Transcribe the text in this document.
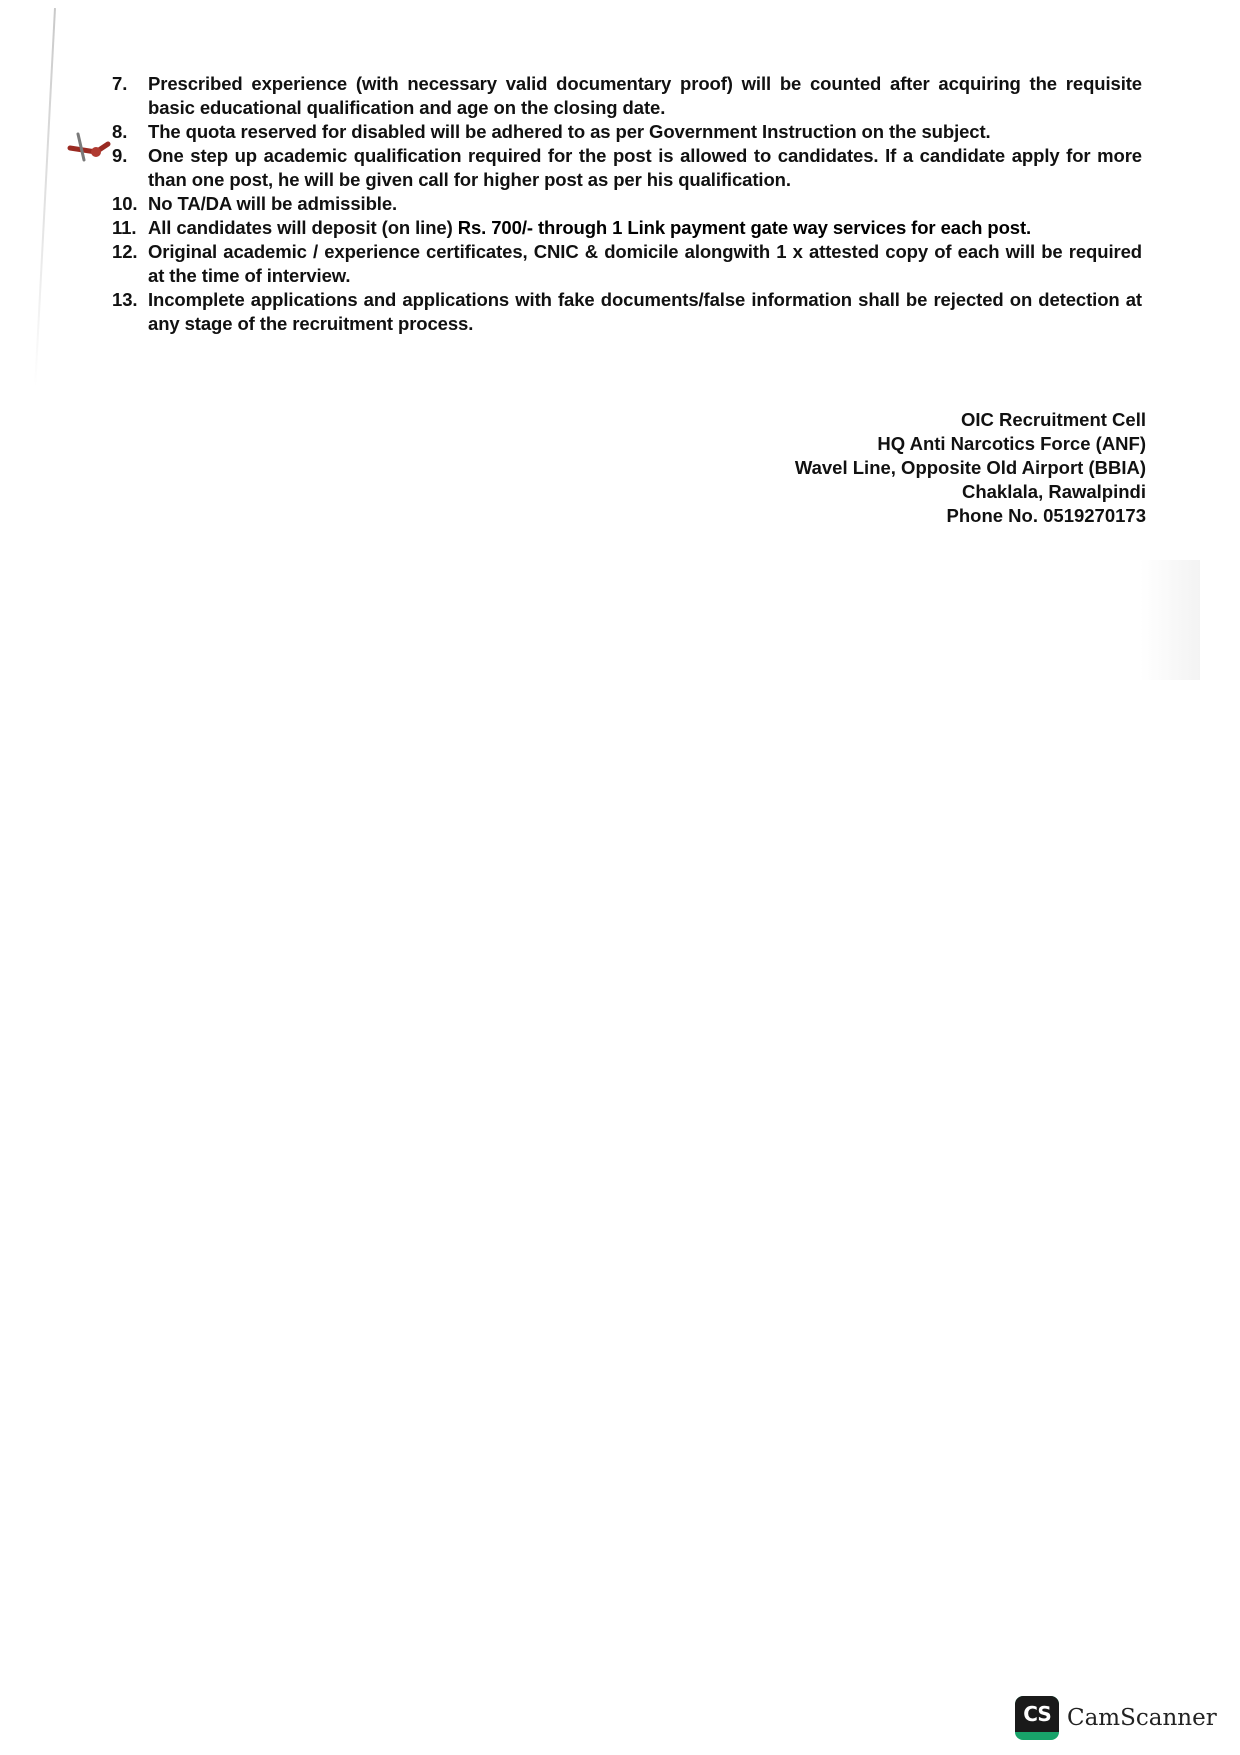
7.	Prescribed experience (with necessary valid documentary proof) will be counted after acquiring the requisite basic educational qualification and age on the closing date.
8.	The quota reserved for disabled will be adhered to as per Government Instruction on the subject.
9.	One step up academic qualification required for the post is allowed to candidates. If a candidate apply for more than one post, he will be given call for higher post as per his qualification.
10. No TA/DA will be admissible.
11. All candidates will deposit (on line) Rs. 700/- through 1 Link payment gate way services for each post.
12. Original academic / experience certificates, CNIC & domicile alongwith 1 x attested copy of each will be required at the time of interview.
13. Incomplete applications and applications with fake documents/false information shall be rejected on detection at any stage of the recruitment process.
OIC Recruitment Cell
HQ Anti Narcotics Force (ANF)
Wavel Line, Opposite Old Airport (BBIA)
Chaklala, Rawalpindi
Phone No. 0519270173
CS CamScanner
